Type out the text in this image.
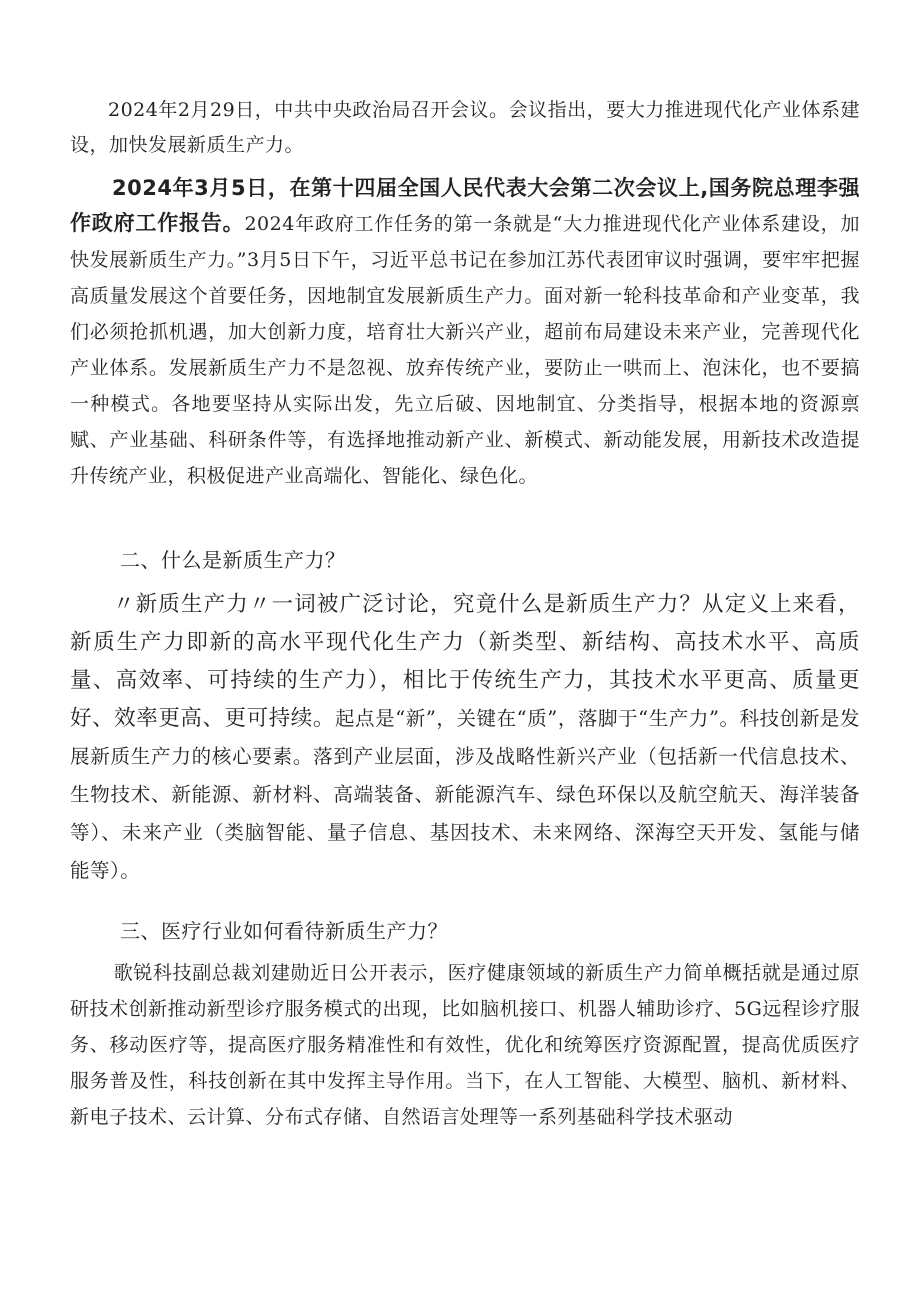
2024年2月29日，中共中央政治局召开会议。会议指出，要大力推进现代化产业体系建设，加快发展新质生产力。

2024年3月5日，在第十四届全国人民代表大会第二次会议上,国务院总理李强作政府工作报告。2024年政府工作任务的第一条就是“大力推进现代化产业体系建设，加快发展新质生产力。”3月5日下午，习近平总书记在参加江苏代表团审议时强调，要牢牢把握高质量发展这个首要任务，因地制宜发展新质生产力。面对新一轮科技革命和产业变革，我们必须抢抓机遇，加大创新力度，培育壮大新兴产业，超前布局建设未来产业，完善现代化产业体系。发展新质生产力不是忽视、放弃传统产业，要防止一哄而上、泡沫化，也不要搞一种模式。各地要坚持从实际出发，先立后破、因地制宜、分类指导，根据本地的资源禀赋、产业基础、科研条件等，有选择地推动新产业、新模式、新动能发展，用新技术改造提升传统产业，积极促进产业高端化、智能化、绿色化。

二、什么是新质生产力？

〃新质生产力〃一词被广泛讨论，究竟什么是新质生产力？从定义上来看，新质生产力即新的高水平现代化生产力（新类型、新结构、高技术水平、高质量、高效率、可持续的生产力），相比于传统生产力，其技术水平更高、质量更好、效率更高、更可持续。起点是“新”，关键在“质”，落脚于“生产力”。科技创新是发展新质生产力的核心要素。落到产业层面，涉及战略性新兴产业（包括新一代信息技术、生物技术、新能源、新材料、高端装备、新能源汽车、绿色环保以及航空航天、海洋装备等）、未来产业（类脑智能、量子信息、基因技术、未来网络、深海空天开发、氢能与储能等）。

三、医疗行业如何看待新质生产力？

歌锐科技副总裁刘建勋近日公开表示，医疗健康领域的新质生产力简单概括就是通过原研技术创新推动新型诊疗服务模式的出现，比如脑机接口、机器人辅助诊疗、5G远程诊疗服务、移动医疗等，提高医疗服务精准性和有效性，优化和统筹医疗资源配置，提高优质医疗服务普及性，科技创新在其中发挥主导作用。当下，在人工智能、大模型、脑机、新材料、新电子技术、云计算、分布式存储、自然语言处理等一系列基础科学技术驱动
